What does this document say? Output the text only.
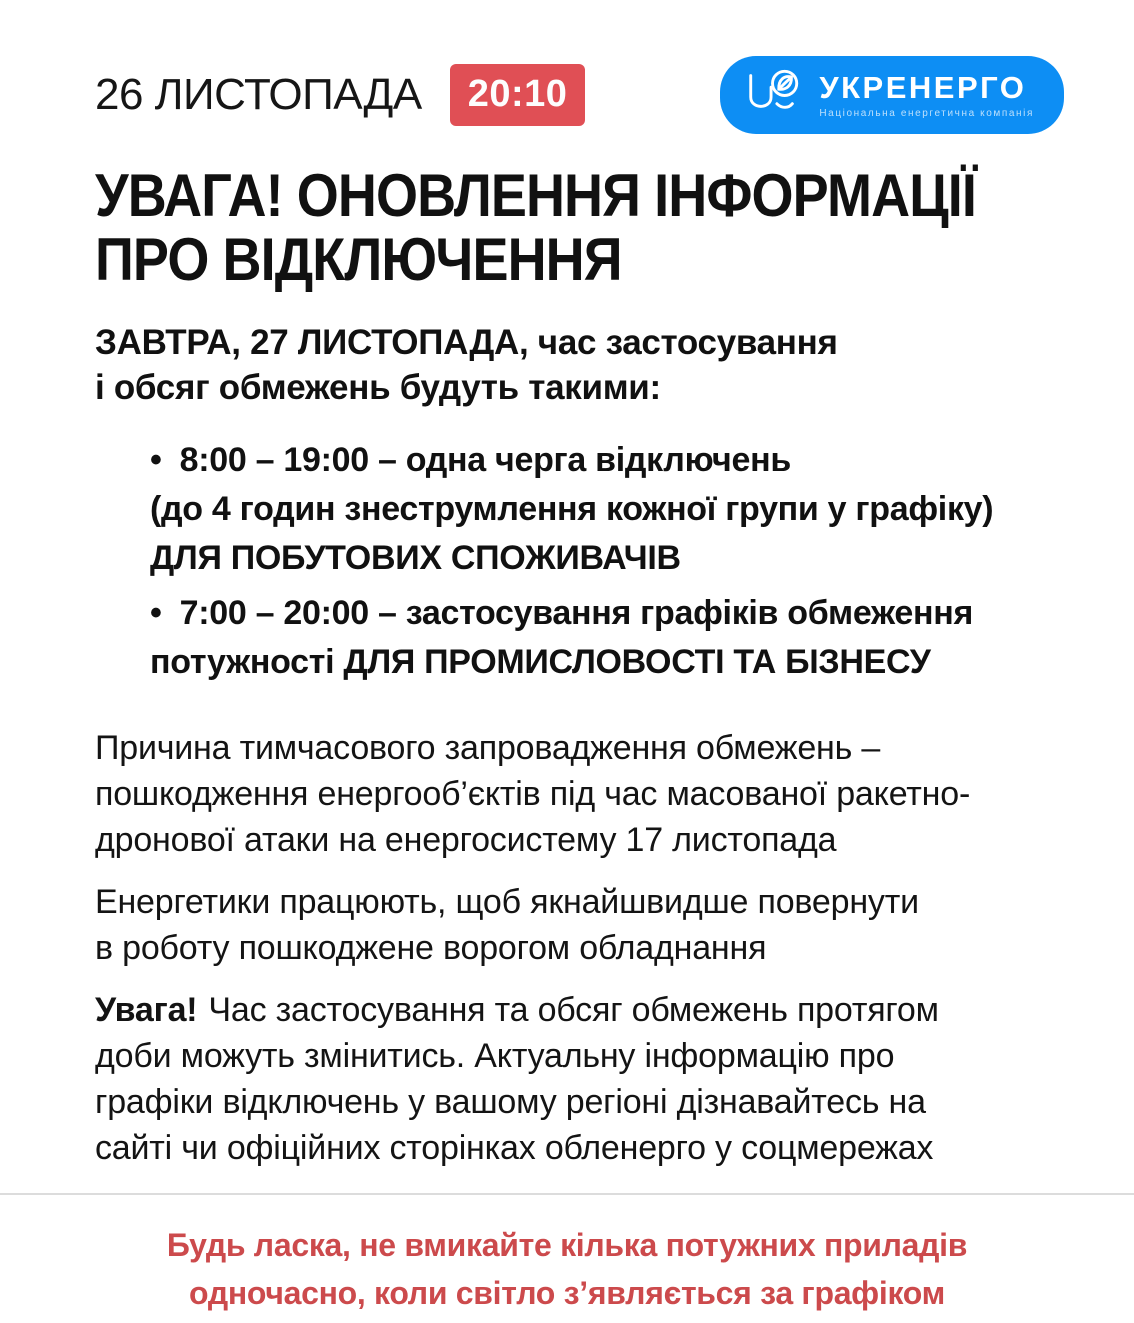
26 ЛИСТОПАДА	20:10	УКРЕНЕРГО
Національна енергетична компанія
УВАГА! ОНОВЛЕННЯ ІНФОРМАЦІЇ
ПРО ВІДКЛЮЧЕННЯ
ЗАВТРА, 27 ЛИСТОПАДА, час застосування
і обсяг обмежень будуть такими:
• 8:00 – 19:00 – одна черга відключень
(до 4 годин знеструмлення кожної групи у графіку)
ДЛЯ ПОБУТОВИХ СПОЖИВАЧІВ
• 7:00 – 20:00 – застосування графіків обмеження
потужності ДЛЯ ПРОМИСЛОВОСТІ ТА БІЗНЕСУ
Причина тимчасового запровадження обмежень –
пошкодження енергооб’єктів під час масованої ракетно-
дронової атаки на енергосистему 17 листопада
Енергетики працюють, щоб якнайшвидше повернути
в роботу пошкоджене ворогом обладнання
Увага! Час застосування та обсяг обмежень протягом
доби можуть змінитись. Актуальну інформацію про
графіки відключень у вашому регіоні дізнавайтесь на
сайті чи офіційних сторінках обленерго у соцмережах
Будь ласка, не вмикайте кілька потужних приладів
одночасно, коли світло з’являється за графіком
